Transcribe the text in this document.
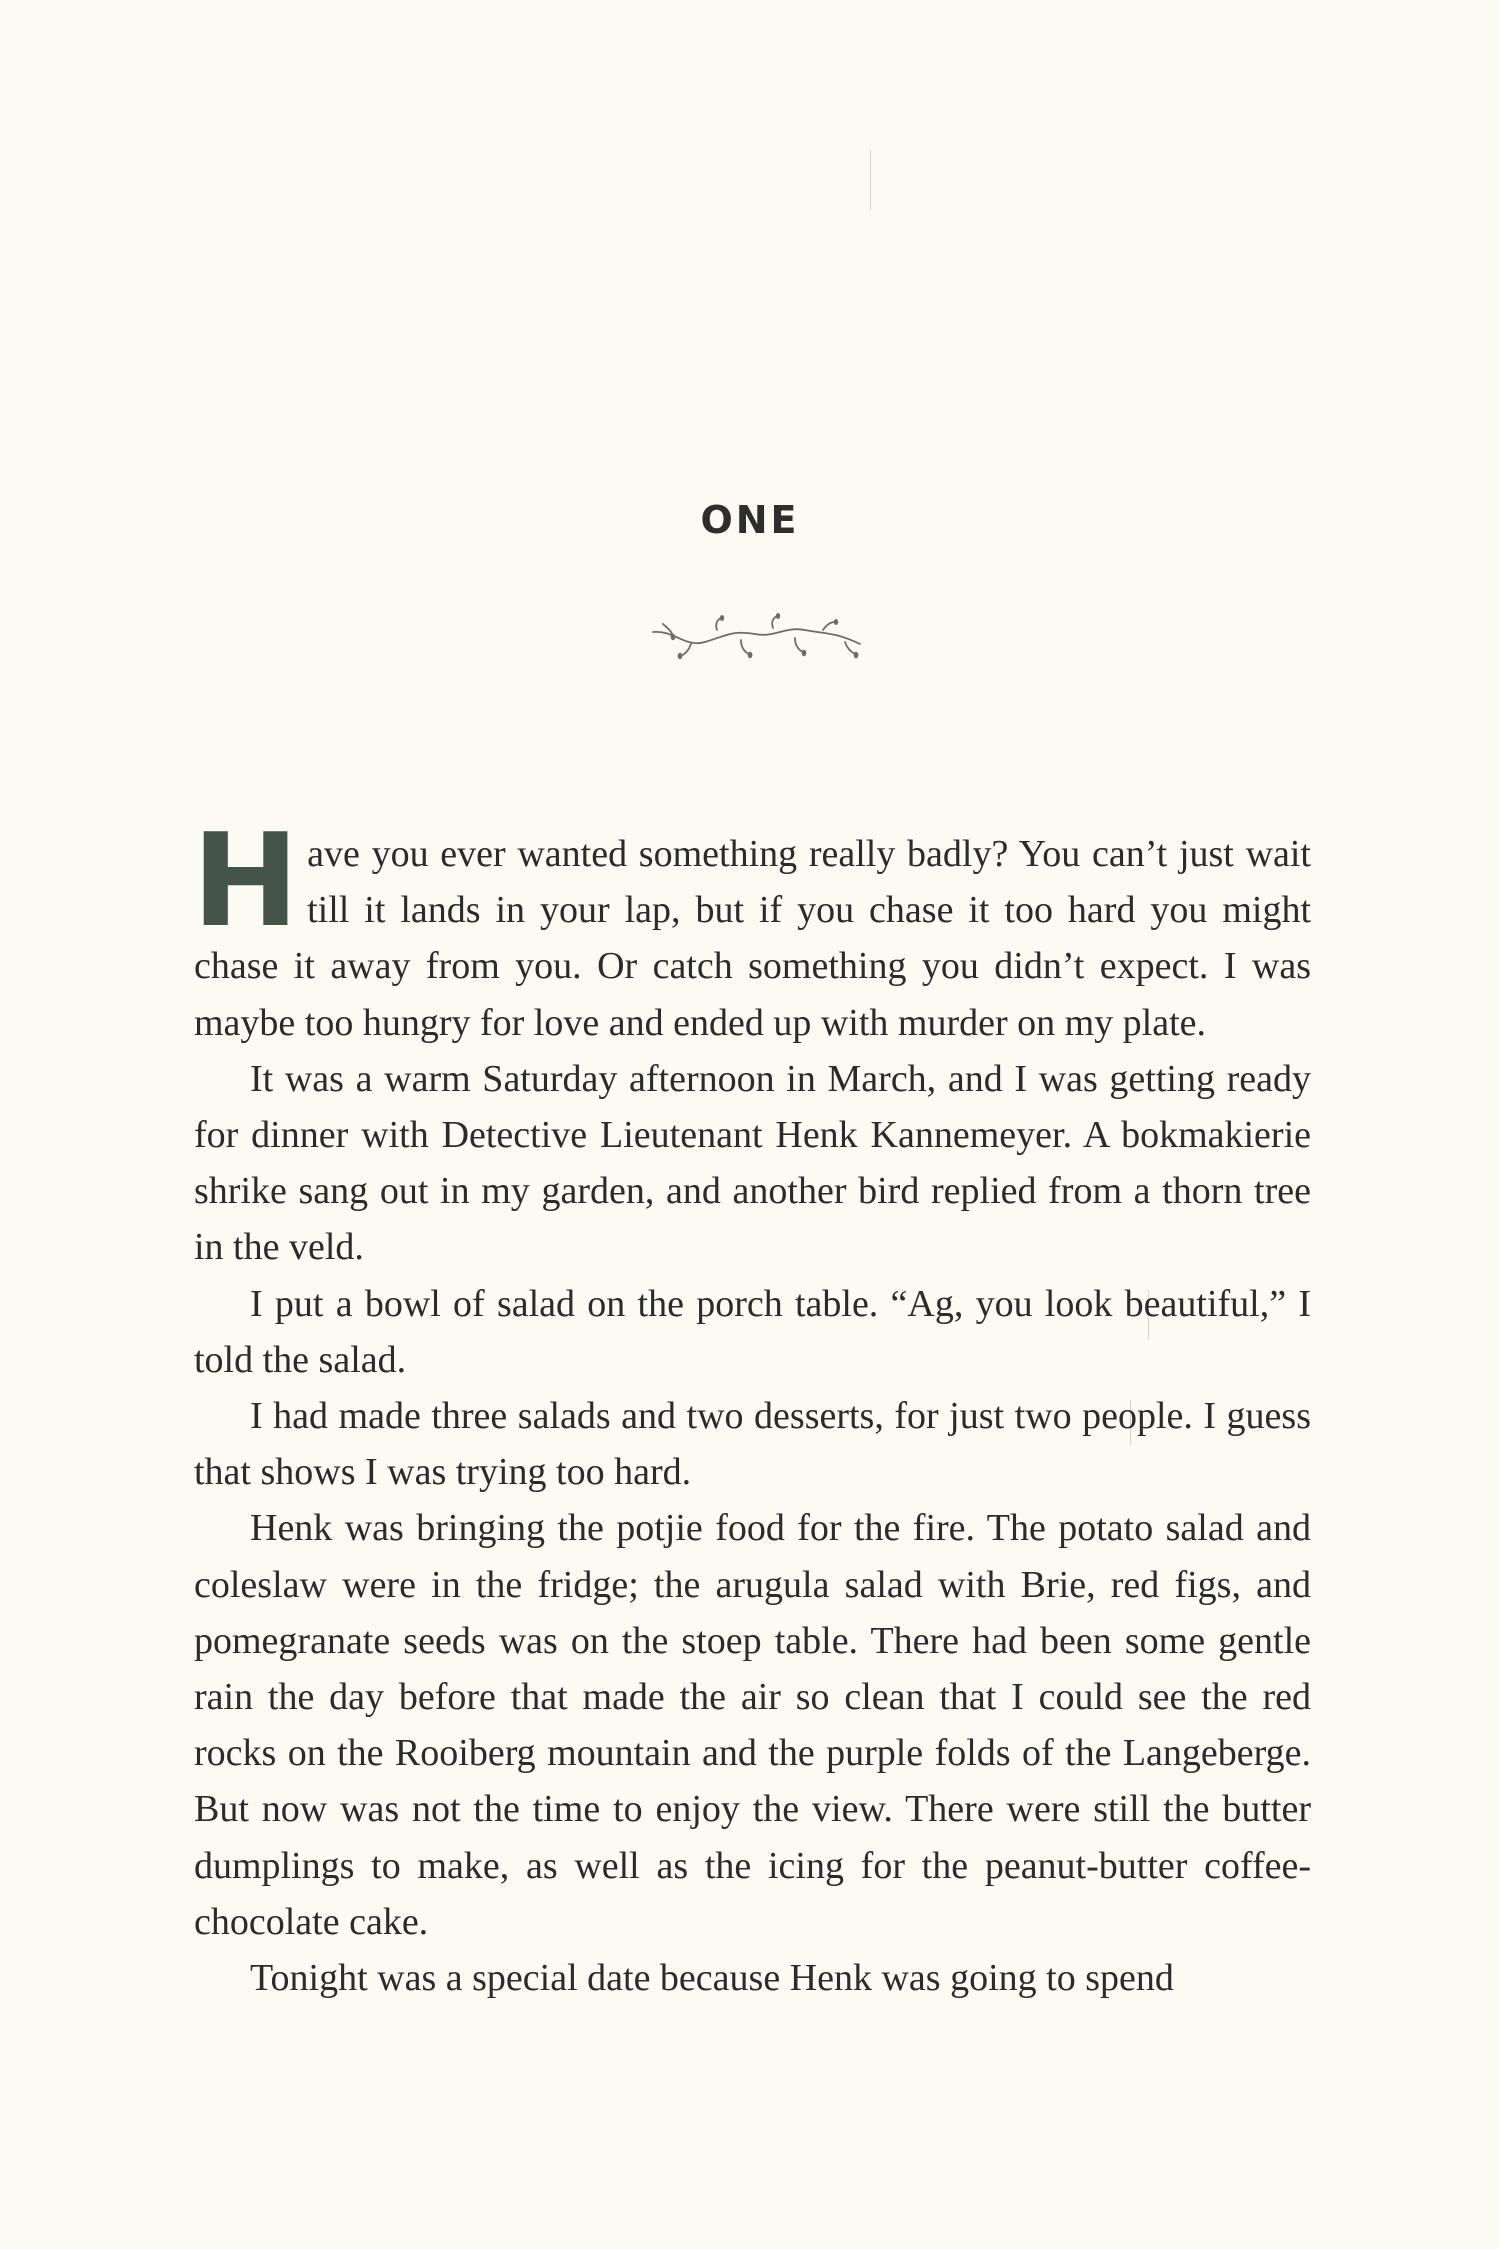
ONE

Have you ever wanted something really badly? You can’t just wait till it lands in your lap, but if you chase it too hard you might chase it away from you. Or catch something you didn’t expect. I was maybe too hungry for love and ended up with murder on my plate.

It was a warm Saturday afternoon in March, and I was getting ready for dinner with Detective Lieutenant Henk Kannemeyer. A bokmakierie shrike sang out in my garden, and another bird replied from a thorn tree in the veld.

I put a bowl of salad on the porch table. “Ag, you look beautiful,” I told the salad.

I had made three salads and two desserts, for just two people. I guess that shows I was trying too hard.

Henk was bringing the potjie food for the fire. The potato salad and coleslaw were in the fridge; the arugula salad with Brie, red figs, and pomegranate seeds was on the stoep table. There had been some gentle rain the day before that made the air so clean that I could see the red rocks on the Rooiberg mountain and the purple folds of the Langeberge. But now was not the time to enjoy the view. There were still the butter dumplings to make, as well as the icing for the peanut-butter coffee-chocolate cake.

Tonight was a special date because Henk was going to spend
